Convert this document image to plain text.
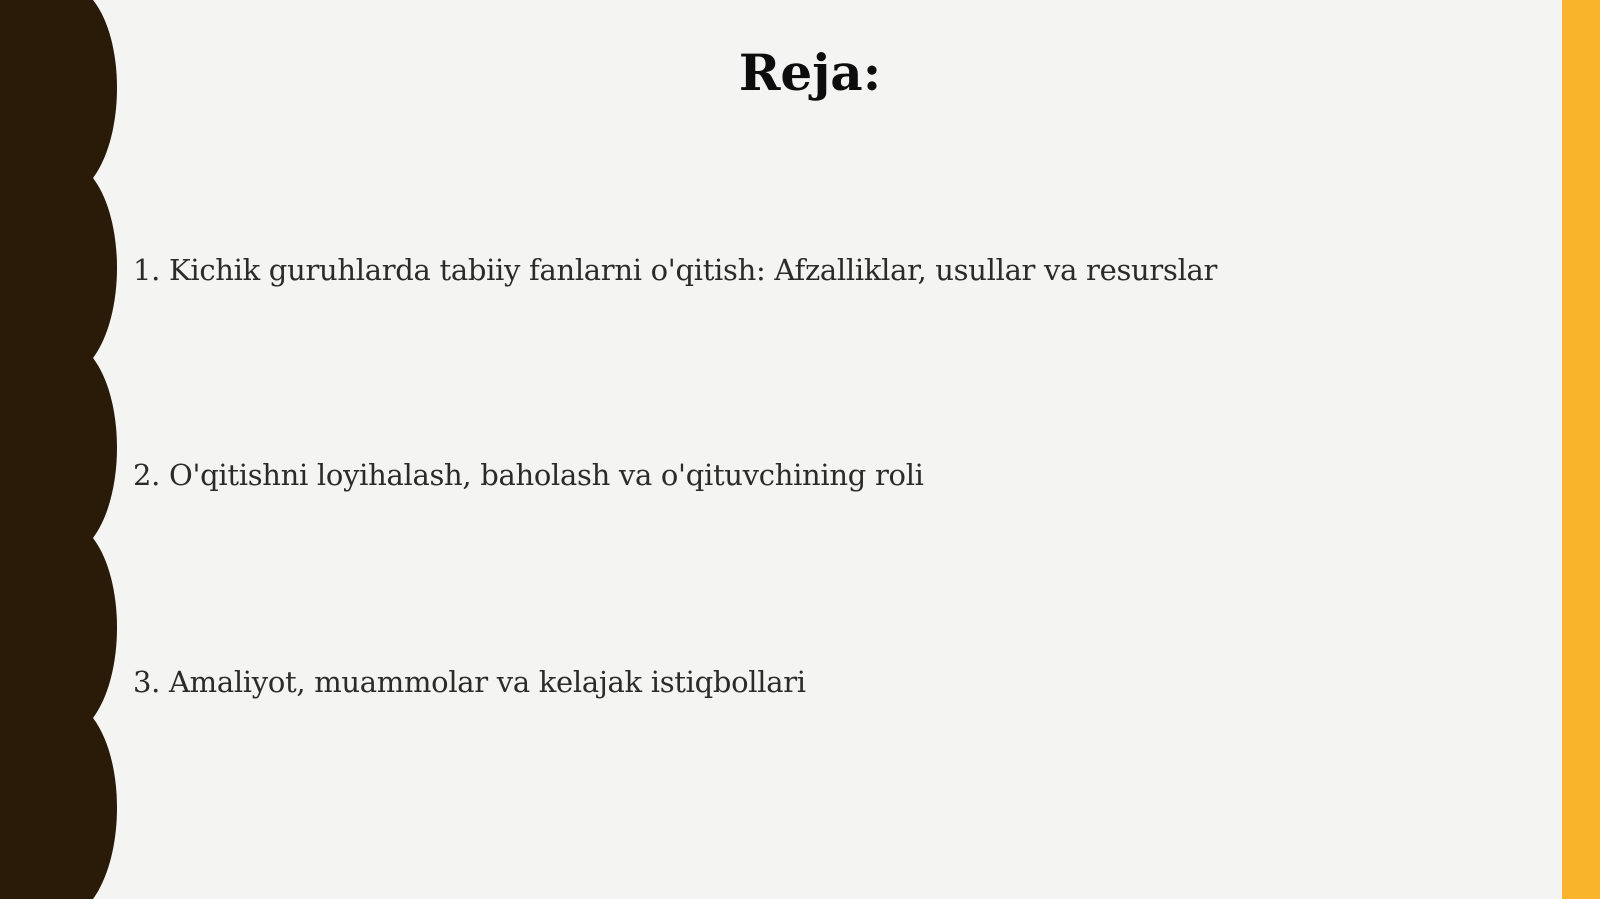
Reja:
1. Kichik guruhlarda tabiiy fanlarni o'qitish: Afzalliklar, usullar va resurslar
2. O'qitishni loyihalash, baholash va o'qituvchining roli
3. Amaliyot, muammolar va kelajak istiqbollari
